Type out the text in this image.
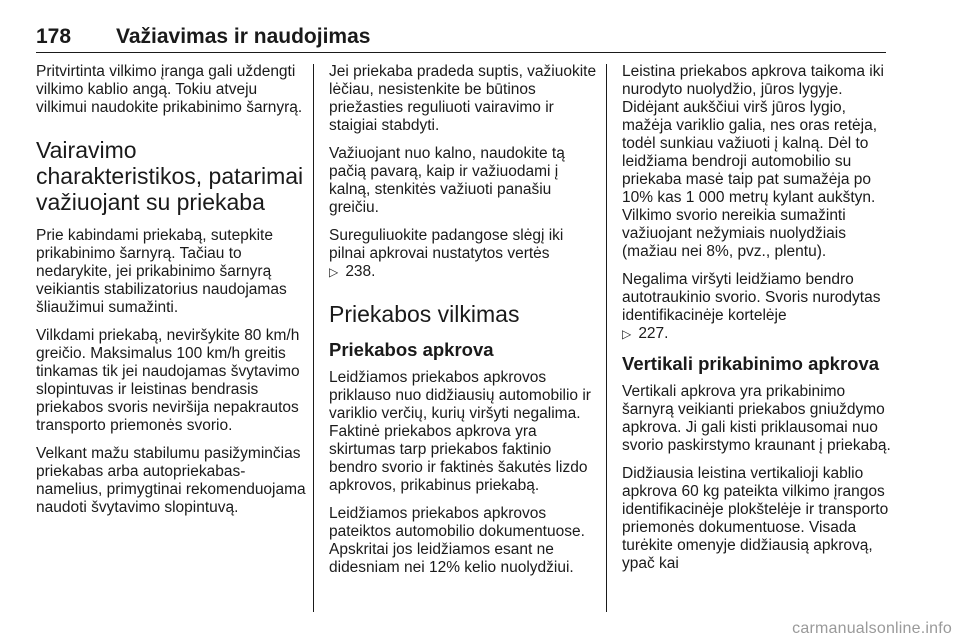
178 Važiavimas ir naudojimas

Pritvirtinta vilkimo įranga gali uždengti vilkimo kablio angą. Tokiu atveju vilkimui naudokite prikabinimo šarnyrą.

Vairavimo charakteristikos, patarimai važiuojant su priekaba

Prie kabindami priekabą, sutepkite prikabinimo šarnyrą. Tačiau to nedarykite, jei prikabinimo šarnyrą veikiantis stabilizatorius naudojamas šliaužimui sumažinti.

Vilkdami priekabą, neviršykite 80 km/h greičio. Maksimalus 100 km/h greitis tinkamas tik jei naudojamas švytavimo slopintuvas ir leistinas bendrasis priekabos svoris neviršija nepakrautos transporto priemonės svorio.

Velkant mažu stabilumu pasižyminčias priekabas arba autopriekabas-namelius, primygtinai rekomenduojama naudoti švytavimo slopintuvą.

Jei priekaba pradeda suptis, važiuokite lėčiau, nesistenkite be būtinos priežasties reguliuoti vairavimo ir staigiai stabdyti.

Važiuojant nuo kalno, naudokite tą pačią pavarą, kaip ir važiuodami į kalną, stenkitės važiuoti panašiu greičiu.

Sureguliuokite padangose slėgį iki pilnai apkrovai nustatytos vertės
▷ 238.

Priekabos vilkimas
Priekabos apkrova

Leidžiamos priekabos apkrovos priklauso nuo didžiausių automobilio ir variklio verčių, kurių viršyti negalima. Faktinė priekabos apkrova yra skirtumas tarp priekabos faktinio bendro svorio ir faktinės šakutės lizdo apkrovos, prikabinus priekabą.

Leidžiamos priekabos apkrovos pateiktos automobilio dokumentuose. Apskritai jos leidžiamos esant ne didesniam nei 12% kelio nuolydžiui.

Leistina priekabos apkrova taikoma iki nurodyto nuolydžio, jūros lygyje. Didėjant aukščiui virš jūros lygio, mažėja variklio galia, nes oras retėja, todėl sunkiau važiuoti į kalną. Dėl to leidžiama bendroji automobilio su priekaba masė taip pat sumažėja po 10% kas 1 000 metrų kylant aukštyn. Vilkimo svorio nereikia sumažinti važiuojant nežymiais nuolydžiais (mažiau nei 8%, pvz., plentu).

Negalima viršyti leidžiamo bendro autotraukinio svorio. Svoris nurodytas identifikacinėje kortelėje
▷ 227.

Vertikali prikabinimo apkrova

Vertikali apkrova yra prikabinimo šarnyrą veikianti priekabos gniuždymo apkrova. Ji gali kisti priklausomai nuo svorio paskirstymo kraunant į priekabą.

Didžiausia leistina vertikalioji kablio apkrova 60 kg pateikta vilkimo įrangos identifikacinėje plokštelėje ir transporto priemonės dokumentuose. Visada turėkite omenyje didžiausią apkrovą, ypač kai

carmanualsonline.info
